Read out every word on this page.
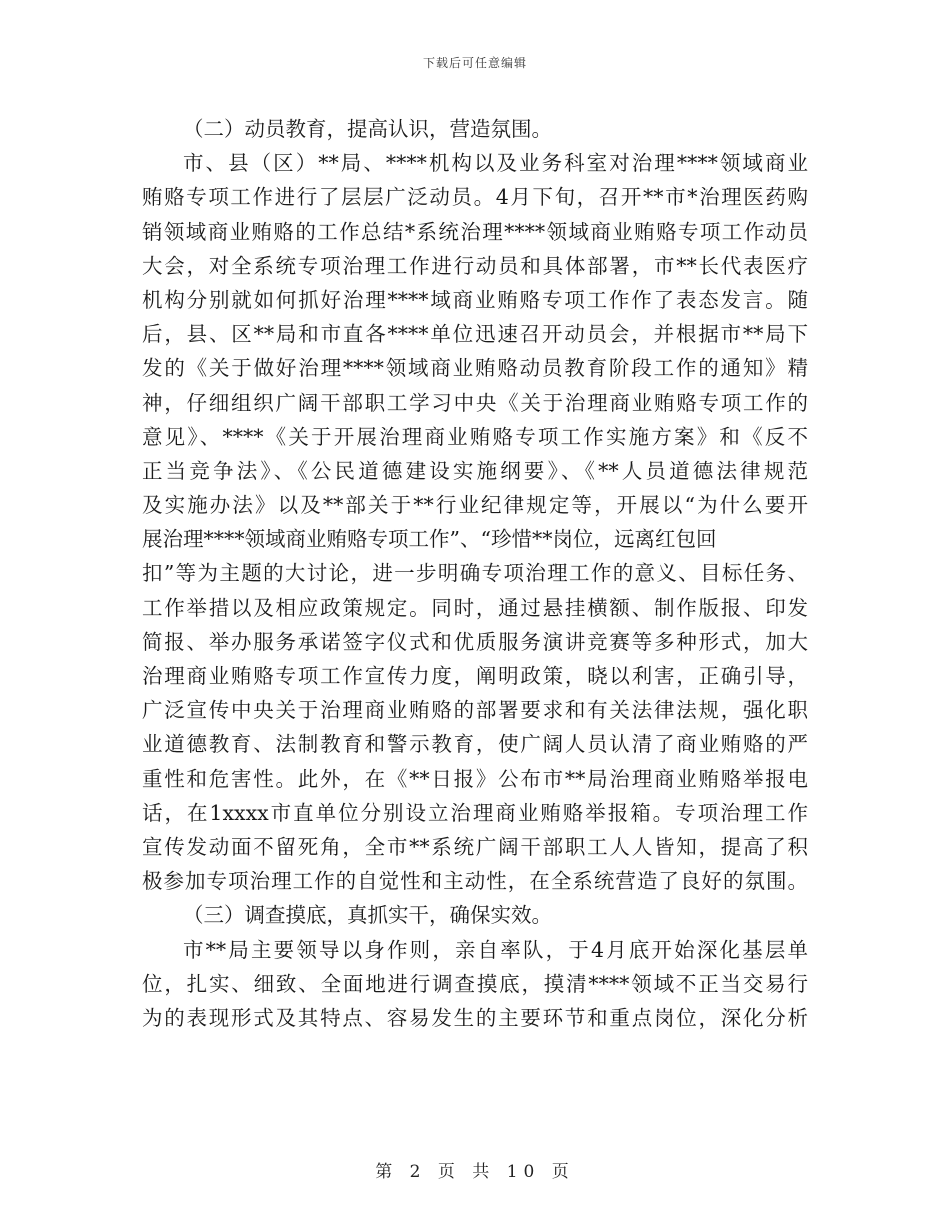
下载后可任意编辑
（二）动员教育，提高认识，营造氛围。
市、县（区）**局、****机构以及业务科室对治理****领域商业
贿赂专项工作进行了层层广泛动员。4月下旬，召开**市*治理医药购
销领域商业贿赂的工作总结*系统治理****领域商业贿赂专项工作动员
大会，对全系统专项治理工作进行动员和具体部署，市**长代表医疗
机构分别就如何抓好治理****域商业贿赂专项工作作了表态发言。随
后，县、区**局和市直各****单位迅速召开动员会，并根据市**局下
发的《关于做好治理****领域商业贿赂动员教育阶段工作的通知》精
神，仔细组织广阔干部职工学习中央《关于治理商业贿赂专项工作的
意见》、****《关于开展治理商业贿赂专项工作实施方案》和《反不
正当竞争法》、《公民道德建设实施纲要》、《**人员道德法律规范
及实施办法》以及**部关于**行业纪律规定等，开展以“为什么要开
展治理****领域商业贿赂专项工作”、“珍惜**岗位，远离红包回
扣”等为主题的大讨论，进一步明确专项治理工作的意义、目标任务、
工作举措以及相应政策规定。同时，通过悬挂横额、制作版报、印发
简报、举办服务承诺签字仪式和优质服务演讲竞赛等多种形式，加大
治理商业贿赂专项工作宣传力度，阐明政策，晓以利害，正确引导，
广泛宣传中央关于治理商业贿赂的部署要求和有关法律法规，强化职
业道德教育、法制教育和警示教育，使广阔人员认清了商业贿赂的严
重性和危害性。此外，在《**日报》公布市**局治理商业贿赂举报电
话，在1xxxx市直单位分别设立治理商业贿赂举报箱。专项治理工作
宣传发动面不留死角，全市**系统广阔干部职工人人皆知，提高了积
极参加专项治理工作的自觉性和主动性，在全系统营造了良好的氛围。
（三）调查摸底，真抓实干，确保实效。
市**局主要领导以身作则，亲自率队，于4月底开始深化基层单
位，扎实、细致、全面地进行调查摸底，摸清****领域不正当交易行
为的表现形式及其特点、容易发生的主要环节和重点岗位，深化分析
第 2 页 共 10 页
